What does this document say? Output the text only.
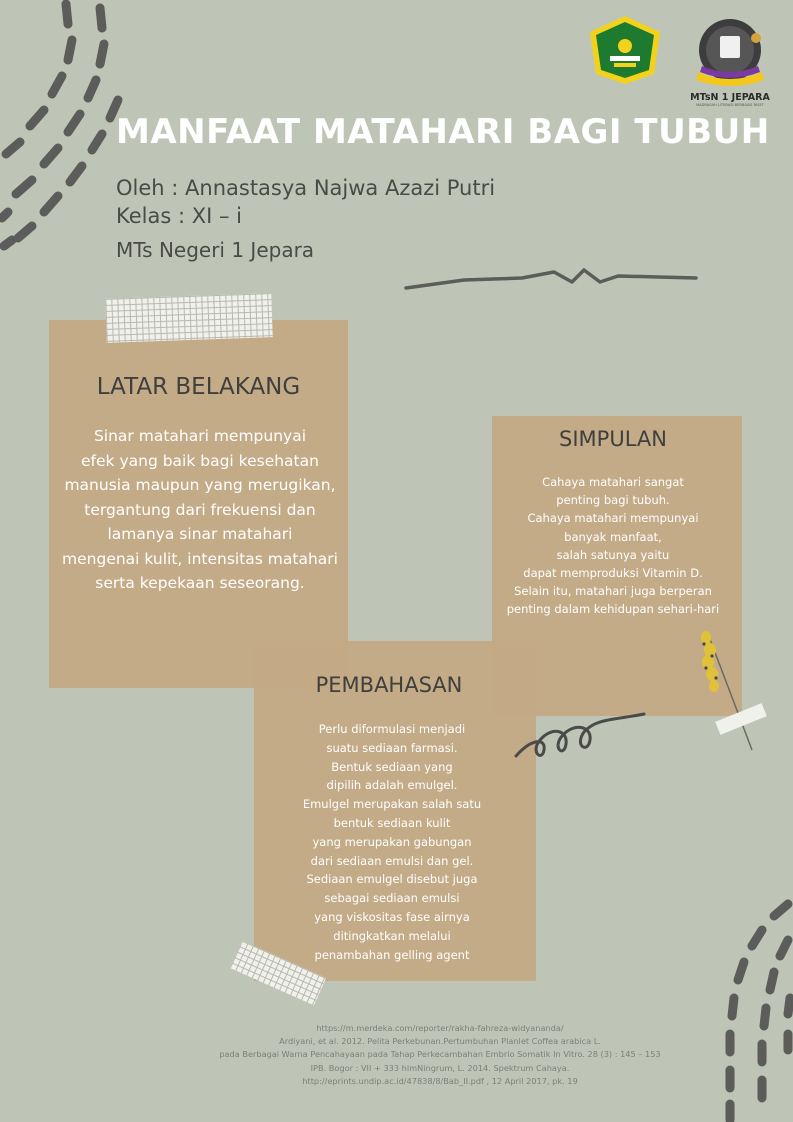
MTsN 1 JEPARA
MADRASAH LITERASI BERBASIS RISET
MANFAAT MATAHARI BAGI TUBUH
Oleh : Annastasya Najwa Azazi Putri
Kelas : XI – i
MTs Negeri 1 Jepara
LATAR BELAKANG
Sinar matahari mempunyai
efek yang baik bagi kesehatan
manusia maupun yang merugikan,
tergantung dari frekuensi dan
lamanya sinar matahari
mengenai kulit, intensitas matahari
serta kepekaan seseorang.
SIMPULAN
Cahaya matahari sangat
penting bagi tubuh.
Cahaya matahari mempunyai
banyak manfaat,
salah satunya yaitu
dapat memproduksi Vitamin D.
Selain itu, matahari juga berperan
penting dalam kehidupan sehari-hari
PEMBAHASAN
Perlu diformulasi menjadi
suatu sediaan farmasi.
Bentuk sediaan yang
dipilih adalah emulgel.
Emulgel merupakan salah satu
bentuk sediaan kulit
yang merupakan gabungan
dari sediaan emulsi dan gel.
Sediaan emulgel disebut juga
sebagai sediaan emulsi
yang viskositas fase airnya
ditingkatkan melalui
penambahan gelling agent
https://m.merdeka.com/reporter/rakha-fahreza-widyananda/
Ardiyani, et al. 2012. Pelita Perkebunan.Pertumbuhan Planlet Coffea arabica L.
pada Berbagai Warna Pencahayaan pada Tahap Perkecambahan Embrio Somatik In Vitro. 28 (3) : 145 – 153
IPB. Bogor : VII + 333 hlmNingrum, L. 2014. Spektrum Cahaya.
http://eprints.undip.ac.id/47838/8/Bab_II.pdf , 12 April 2017, pk. 19
